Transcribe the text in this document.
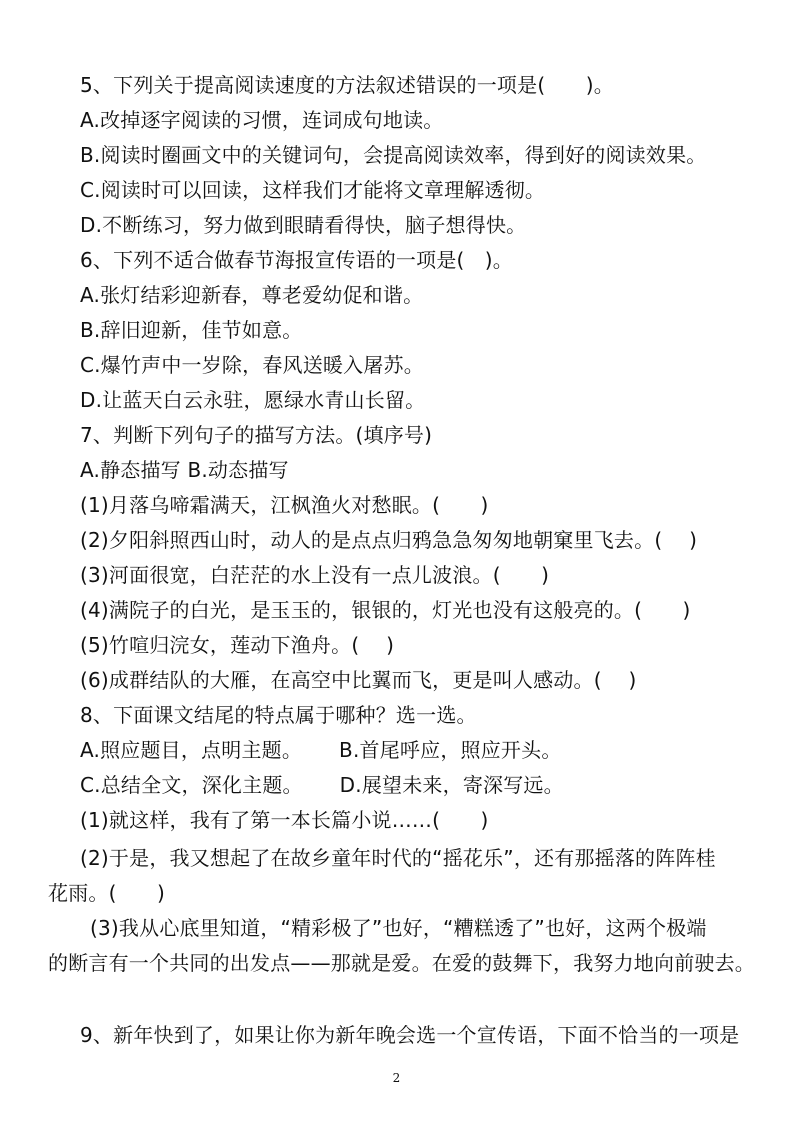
5、下列关于提高阅读速度的方法叙述错误的一项是(　　)。
A.改掉逐字阅读的习惯，连词成句地读。
B.阅读时圈画文中的关键词句，会提高阅读效率，得到好的阅读效果。
C.阅读时可以回读，这样我们才能将文章理解透彻。
D.不断练习，努力做到眼睛看得快，脑子想得快。
6、下列不适合做春节海报宣传语的一项是(　)。
A.张灯结彩迎新春，尊老爱幼促和谐。
B.辞旧迎新，佳节如意。
C.爆竹声中一岁除，春风送暖入屠苏。
D.让蓝天白云永驻，愿绿水青山长留。
7、判断下列句子的描写方法。(填序号)
A.静态描写 B.动态描写
(1)月落乌啼霜满天，江枫渔火对愁眠。(　　)
(2)夕阳斜照西山时，动人的是点点归鸦急急匆匆地朝窠里飞去。(　 )
(3)河面很宽，白茫茫的水上没有一点儿波浪。(　　)
(4)满院子的白光，是玉玉的，银银的，灯光也没有这般亮的。(　　)
(5)竹喧归浣女，莲动下渔舟。(　 )
(6)成群结队的大雁，在高空中比翼而飞，更是叫人感动。(　 )
8、下面课文结尾的特点属于哪种？选一选。
A.照应题目，点明主题。　　 B.首尾呼应，照应开头。
C.总结全文，深化主题。　　 D.展望未来，寄深写远。
(1)就这样，我有了第一本长篇小说……(　　)
(2)于是，我又想起了在故乡童年时代的“摇花乐”，还有那摇落的阵阵桂
花雨。(　　)
(3)我从心底里知道，“精彩极了”也好，“糟糕透了”也好，这两个极端
的断言有一个共同的出发点——那就是爱。在爱的鼓舞下，我努力地向前驶去。
9、新年快到了，如果让你为新年晚会选一个宣传语，下面不恰当的一项是
2
